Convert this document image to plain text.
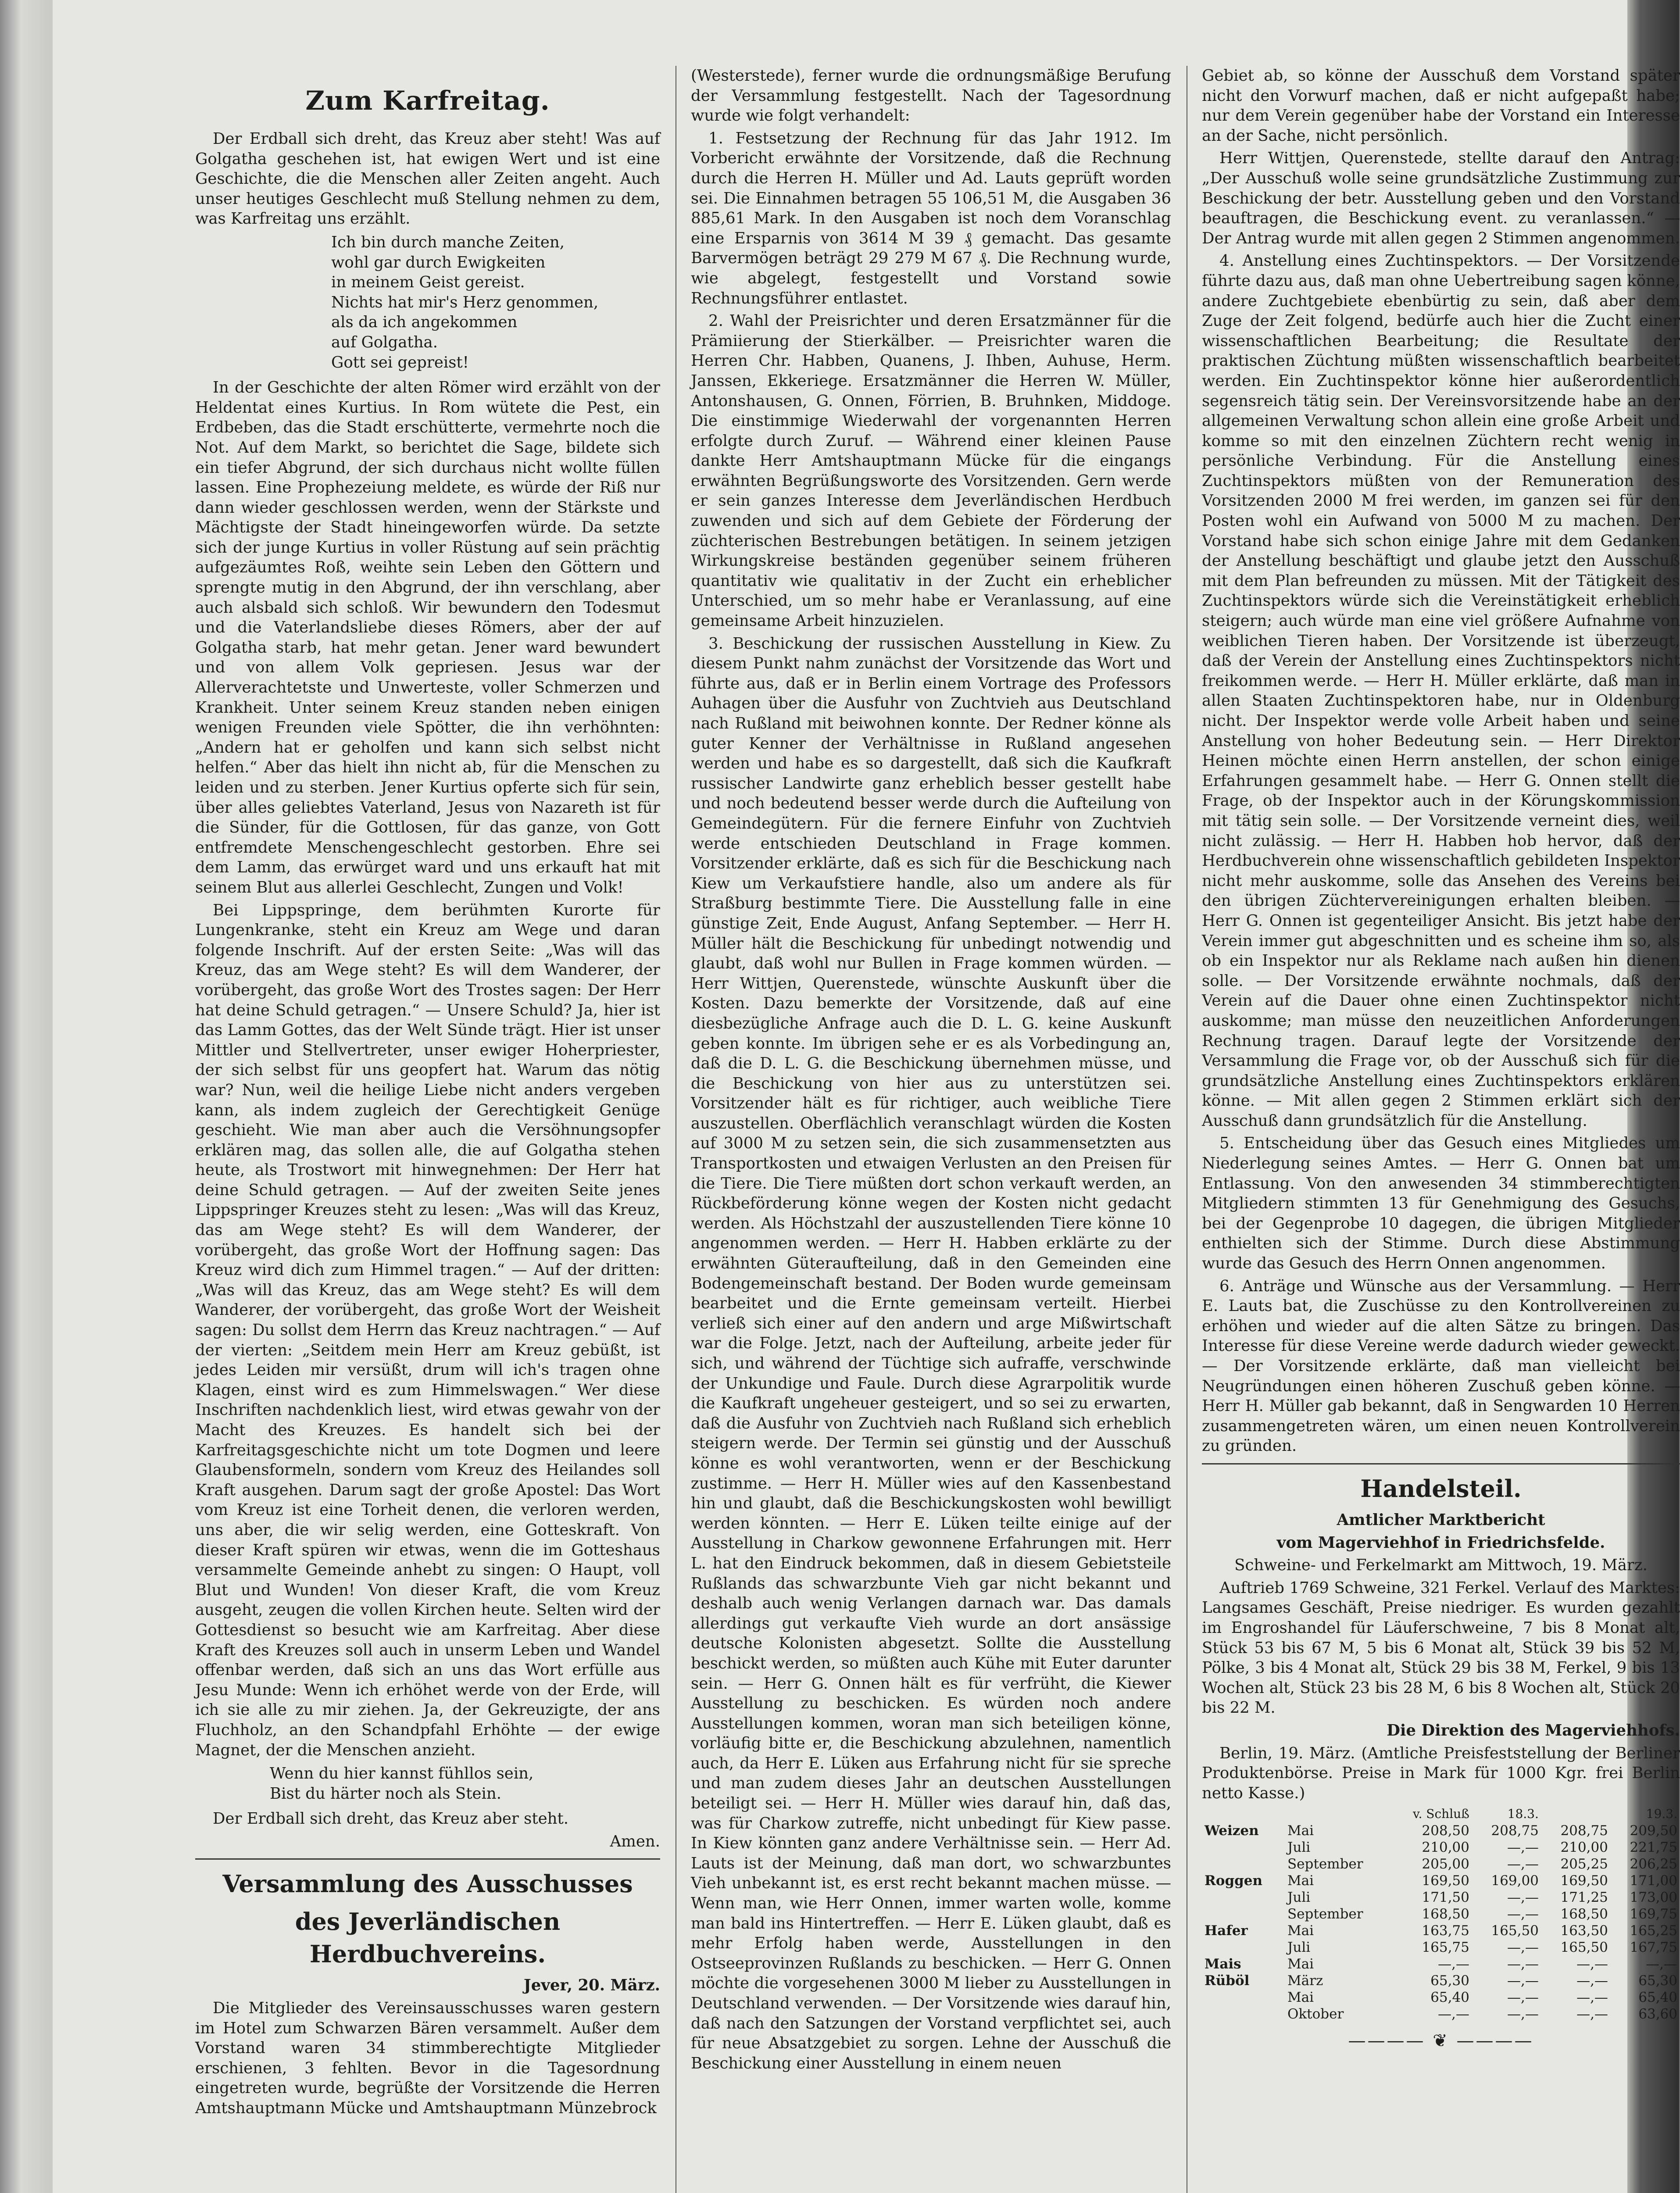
Zum Karfreitag.

Der Erdball sich dreht, das Kreuz aber steht! Was auf Golgatha geschehen ist, hat ewigen Wert und ist eine Geschichte, die die Menschen aller Zeiten angeht. Auch unser heutiges Geschlecht muß Stellung nehmen zu dem, was Karfreitag uns erzählt.

Ich bin durch manche Zeiten,
wohl gar durch Ewigkeiten
in meinem Geist gereist.
Nichts hat mir's Herz genommen,
als da ich angekommen
auf Golgatha.
Gott sei gepreist!

In der Geschichte der alten Römer wird erzählt von der Heldentat eines Kurtius. In Rom wütete die Pest, ein Erdbeben, das die Stadt erschütterte, vermehrte noch die Not. Auf dem Markt, so berichtet die Sage, bildete sich ein tiefer Abgrund, der sich durchaus nicht wollte füllen lassen. Eine Prophezeiung meldete, es würde der Riß nur dann wieder geschlossen werden, wenn der Stärkste und Mächtigste der Stadt hineingeworfen würde. Da setzte sich der junge Kurtius in voller Rüstung auf sein prächtig aufgezäumtes Roß, weihte sein Leben den Göttern und sprengte mutig in den Abgrund, der ihn verschlang, aber auch alsbald sich schloß. Wir bewundern den Todesmut und die Vaterlandsliebe dieses Römers, aber der auf Golgatha starb, hat mehr getan. Jener ward bewundert und von allem Volk gepriesen. Jesus war der Allerverachtetste und Unwerteste, voller Schmerzen und Krankheit. Unter seinem Kreuz standen neben einigen wenigen Freunden viele Spötter, die ihn verhöhnten: „Andern hat er geholfen und kann sich selbst nicht helfen.“ Aber das hielt ihn nicht ab, für die Menschen zu leiden und zu sterben. Jener Kurtius opferte sich für sein, über alles geliebtes Vaterland, Jesus von Nazareth ist für die Sünder, für die Gottlosen, für das ganze, von Gott entfremdete Menschengeschlecht gestorben. Ehre sei dem Lamm, das erwürget ward und uns erkauft hat mit seinem Blut aus allerlei Geschlecht, Zungen und Volk!

Bei Lippspringe, dem berühmten Kurorte für Lungenkranke, steht ein Kreuz am Wege und daran folgende Inschrift. Auf der ersten Seite: „Was will das Kreuz, das am Wege steht? Es will dem Wanderer, der vorübergeht, das große Wort des Trostes sagen: Der Herr hat deine Schuld getragen.“ — Unsere Schuld? Ja, hier ist das Lamm Gottes, das der Welt Sünde trägt. Hier ist unser Mittler und Stellvertreter, unser ewiger Hoherpriester, der sich selbst für uns geopfert hat. Warum das nötig war? Nun, weil die heilige Liebe nicht anders vergeben kann, als indem zugleich der Gerechtigkeit Genüge geschieht. Wie man aber auch die Versöhnungsopfer erklären mag, das sollen alle, die auf Golgatha stehen heute, als Trostwort mit hinwegnehmen: Der Herr hat deine Schuld getragen. — Auf der zweiten Seite jenes Lippspringer Kreuzes steht zu lesen: „Was will das Kreuz, das am Wege steht? Es will dem Wanderer, der vorübergeht, das große Wort der Hoffnung sagen: Das Kreuz wird dich zum Himmel tragen.“ — Auf der dritten: „Was will das Kreuz, das am Wege steht? Es will dem Wanderer, der vorübergeht, das große Wort der Weisheit sagen: Du sollst dem Herrn das Kreuz nachtragen.“ — Auf der vierten: „Seitdem mein Herr am Kreuz gebüßt, ist jedes Leiden mir versüßt, drum will ich's tragen ohne Klagen, einst wird es zum Himmelswagen.“ Wer diese Inschriften nachdenklich liest, wird etwas gewahr von der Macht des Kreuzes. Es handelt sich bei der Karfreitagsgeschichte nicht um tote Dogmen und leere Glaubensformeln, sondern vom Kreuz des Heilandes soll Kraft ausgehen. Darum sagt der große Apostel: Das Wort vom Kreuz ist eine Torheit denen, die verloren werden, uns aber, die wir selig werden, eine Gotteskraft. Von dieser Kraft spüren wir etwas, wenn die im Gotteshaus versammelte Gemeinde anhebt zu singen: O Haupt, voll Blut und Wunden! Von dieser Kraft, die vom Kreuz ausgeht, zeugen die vollen Kirchen heute. Selten wird der Gottesdienst so besucht wie am Karfreitag. Aber diese Kraft des Kreuzes soll auch in unserm Leben und Wandel offenbar werden, daß sich an uns das Wort erfülle aus Jesu Munde: Wenn ich erhöhet werde von der Erde, will ich sie alle zu mir ziehen. Ja, der Gekreuzigte, der ans Fluchholz, an den Schandpfahl Erhöhte — der ewige Magnet, der die Menschen anzieht.

Wenn du hier kannst fühllos sein,
Bist du härter noch als Stein.

Der Erdball sich dreht, das Kreuz aber steht.

Amen.

Versammlung des Ausschusses
des Jeverländischen Herdbuchvereins.

Jever, 20. März.

Die Mitglieder des Vereinsausschusses waren gestern im Hotel zum Schwarzen Bären versammelt. Außer dem Vorstand waren 34 stimmberechtigte Mitglieder erschienen, 3 fehlten. Bevor in die Tagesordnung eingetreten wurde, begrüßte der Vorsitzende die Herren Amtshauptmann Mücke und Amtshauptmann Münzebrock

(Westerstede), ferner wurde die ordnungsmäßige Berufung der Versammlung festgestellt. Nach der Tagesordnung wurde wie folgt verhandelt:

1. Festsetzung der Rechnung für das Jahr 1912. Im Vorbericht erwähnte der Vorsitzende, daß die Rechnung durch die Herren H. Müller und Ad. Lauts geprüft worden sei. Die Einnahmen betragen 55 106,51 M, die Ausgaben 36 885,61 Mark. In den Ausgaben ist noch dem Voranschlag eine Ersparnis von 3614 M 39 ₰ gemacht. Das gesamte Barvermögen beträgt 29 279 M 67 ₰. Die Rechnung wurde, wie abgelegt, festgestellt und Vorstand sowie Rechnungsführer entlastet.

2. Wahl der Preisrichter und deren Ersatzmänner für die Prämiierung der Stierkälber. — Preisrichter waren die Herren Chr. Habben, Quanens, J. Ihben, Auhuse, Herm. Janssen, Ekkeriege. Ersatzmänner die Herren W. Müller, Antonshausen, G. Onnen, Förrien, B. Bruhnken, Middoge. Die einstimmige Wiederwahl der vorgenannten Herren erfolgte durch Zuruf. — Während einer kleinen Pause dankte Herr Amtshauptmann Mücke für die eingangs erwähnten Begrüßungsworte des Vorsitzenden. Gern werde er sein ganzes Interesse dem Jeverländischen Herdbuch zuwenden und sich auf dem Gebiete der Förderung der züchterischen Bestrebungen betätigen. In seinem jetzigen Wirkungskreise beständen gegenüber seinem früheren quantitativ wie qualitativ in der Zucht ein erheblicher Unterschied, um so mehr habe er Veranlassung, auf eine gemeinsame Arbeit hinzuzielen.

3. Beschickung der russischen Ausstellung in Kiew. Zu diesem Punkt nahm zunächst der Vorsitzende das Wort und führte aus, daß er in Berlin einem Vortrage des Professors Auhagen über die Ausfuhr von Zuchtvieh aus Deutschland nach Rußland mit beiwohnen konnte. Der Redner könne als guter Kenner der Verhältnisse in Rußland angesehen werden und habe es so dargestellt, daß sich die Kaufkraft russischer Landwirte ganz erheblich besser gestellt habe und noch bedeutend besser werde durch die Aufteilung von Gemeindegütern. Für die fernere Einfuhr von Zuchtvieh werde entschieden Deutschland in Frage kommen. Vorsitzender erklärte, daß es sich für die Beschickung nach Kiew um Verkaufstiere handle, also um andere als für Straßburg bestimmte Tiere. Die Ausstellung falle in eine günstige Zeit, Ende August, Anfang September. — Herr H. Müller hält die Beschickung für unbedingt notwendig und glaubt, daß wohl nur Bullen in Frage kommen würden. — Herr Wittjen, Querenstede, wünschte Auskunft über die Kosten. Dazu bemerkte der Vorsitzende, daß auf eine diesbezügliche Anfrage auch die D. L. G. keine Auskunft geben konnte. Im übrigen sehe er es als Vorbedingung an, daß die D. L. G. die Beschickung übernehmen müsse, und die Beschickung von hier aus zu unterstützen sei. Vorsitzender hält es für richtiger, auch weibliche Tiere auszustellen. Oberflächlich veranschlagt würden die Kosten auf 3000 M zu setzen sein, die sich zusammensetzten aus Transportkosten und etwaigen Verlusten an den Preisen für die Tiere. Die Tiere müßten dort schon verkauft werden, an Rückbeförderung könne wegen der Kosten nicht gedacht werden. Als Höchstzahl der auszustellenden Tiere könne 10 angenommen werden. — Herr H. Habben erklärte zu der erwähnten Güteraufteilung, daß in den Gemeinden eine Bodengemeinschaft bestand. Der Boden wurde gemeinsam bearbeitet und die Ernte gemeinsam verteilt. Hierbei verließ sich einer auf den andern und arge Mißwirtschaft war die Folge. Jetzt, nach der Aufteilung, arbeite jeder für sich, und während der Tüchtige sich aufraffe, verschwinde der Unkundige und Faule. Durch diese Agrarpolitik wurde die Kaufkraft ungeheuer gesteigert, und so sei zu erwarten, daß die Ausfuhr von Zuchtvieh nach Rußland sich erheblich steigern werde. Der Termin sei günstig und der Ausschuß könne es wohl verantworten, wenn er der Beschickung zustimme. — Herr H. Müller wies auf den Kassenbestand hin und glaubt, daß die Beschickungskosten wohl bewilligt werden könnten. — Herr E. Lüken teilte einige auf der Ausstellung in Charkow gewonnene Erfahrungen mit. Herr L. hat den Eindruck bekommen, daß in diesem Gebietsteile Rußlands das schwarzbunte Vieh gar nicht bekannt und deshalb auch wenig Verlangen darnach war. Das damals allerdings gut verkaufte Vieh wurde an dort ansässige deutsche Kolonisten abgesetzt. Sollte die Ausstellung beschickt werden, so müßten auch Kühe mit Euter darunter sein. — Herr G. Onnen hält es für verfrüht, die Kiewer Ausstellung zu beschicken. Es würden noch andere Ausstellungen kommen, woran man sich beteiligen könne, vorläufig bitte er, die Beschickung abzulehnen, namentlich auch, da Herr E. Lüken aus Erfahrung nicht für sie spreche und man zudem dieses Jahr an deutschen Ausstellungen beteiligt sei. — Herr H. Müller wies darauf hin, daß das, was für Charkow zutreffe, nicht unbedingt für Kiew passe. In Kiew könnten ganz andere Verhältnisse sein. — Herr Ad. Lauts ist der Meinung, daß man dort, wo schwarzbuntes Vieh unbekannt ist, es erst recht bekannt machen müsse. — Wenn man, wie Herr Onnen, immer warten wolle, komme man bald ins Hintertreffen. — Herr E. Lüken glaubt, daß es mehr Erfolg haben werde, Ausstellungen in den Ostseeprovinzen Rußlands zu beschicken. — Herr G. Onnen möchte die vorgesehenen 3000 M lieber zu Ausstellungen in Deutschland verwenden. — Der Vorsitzende wies darauf hin, daß nach den Satzungen der Vorstand verpflichtet sei, auch für neue Absatzgebiet zu sorgen. Lehne der Ausschuß die Beschickung einer Ausstellung in einem neuen

Gebiet ab, so könne der Ausschuß dem Vorstand später nicht den Vorwurf machen, daß er nicht aufgepaßt habe; nur dem Verein gegenüber habe der Vorstand ein Interesse an der Sache, nicht persönlich.

Herr Wittjen, Querenstede, stellte darauf den Antrag: „Der Ausschuß wolle seine grundsätzliche Zustimmung zur Beschickung der betr. Ausstellung geben und den Vorstand beauftragen, die Beschickung event. zu veranlassen.“ — Der Antrag wurde mit allen gegen 2 Stimmen angenommen.

4. Anstellung eines Zuchtinspektors. — Der Vorsitzende führte dazu aus, daß man ohne Uebertreibung sagen könne, andere Zuchtgebiete ebenbürtig zu sein, daß aber dem Zuge der Zeit folgend, bedürfe auch hier die Zucht einer wissenschaftlichen Bearbeitung; die Resultate der praktischen Züchtung müßten wissenschaftlich bearbeitet werden. Ein Zuchtinspektor könne hier außerordentlich segensreich tätig sein. Der Vereinsvorsitzende habe an der allgemeinen Verwaltung schon allein eine große Arbeit und komme so mit den einzelnen Züchtern recht wenig in persönliche Verbindung. Für die Anstellung eines Zuchtinspektors müßten von der Remuneration des Vorsitzenden 2000 M frei werden, im ganzen sei für den Posten wohl ein Aufwand von 5000 M zu machen. Der Vorstand habe sich schon einige Jahre mit dem Gedanken der Anstellung beschäftigt und glaube jetzt den Ausschuß mit dem Plan befreunden zu müssen. Mit der Tätigkeit des Zuchtinspektors würde sich die Vereinstätigkeit erheblich steigern; auch würde man eine viel größere Aufnahme von weiblichen Tieren haben. Der Vorsitzende ist überzeugt, daß der Verein der Anstellung eines Zuchtinspektors nicht freikommen werde. — Herr H. Müller erklärte, daß man in allen Staaten Zuchtinspektoren habe, nur in Oldenburg nicht. Der Inspektor werde volle Arbeit haben und seine Anstellung von hoher Bedeutung sein. — Herr Direktor Heinen möchte einen Herrn anstellen, der schon einige Erfahrungen gesammelt habe. — Herr G. Onnen stellt die Frage, ob der Inspektor auch in der Körungskommission mit tätig sein solle. — Der Vorsitzende verneint dies, weil nicht zulässig. — Herr H. Habben hob hervor, daß der Herdbuchverein ohne wissenschaftlich gebildeten Inspektor nicht mehr auskomme, solle das Ansehen des Vereins bei den übrigen Züchtervereinigungen erhalten bleiben. — Herr G. Onnen ist gegenteiliger Ansicht. Bis jetzt habe der Verein immer gut abgeschnitten und es scheine ihm so, als ob ein Inspektor nur als Reklame nach außen hin dienen solle. — Der Vorsitzende erwähnte nochmals, daß der Verein auf die Dauer ohne einen Zuchtinspektor nicht auskomme; man müsse den neuzeitlichen Anforderungen Rechnung tragen. Darauf legte der Vorsitzende der Versammlung die Frage vor, ob der Ausschuß sich für die grundsätzliche Anstellung eines Zuchtinspektors erklären könne. — Mit allen gegen 2 Stimmen erklärt sich der Ausschuß dann grundsätzlich für die Anstellung.

5. Entscheidung über das Gesuch eines Mitgliedes um Niederlegung seines Amtes. — Herr G. Onnen bat um Entlassung. Von den anwesenden 34 stimmberechtigten Mitgliedern stimmten 13 für Genehmigung des Gesuchs, bei der Gegenprobe 10 dagegen, die übrigen Mitglieder enthielten sich der Stimme. Durch diese Abstimmung wurde das Gesuch des Herrn Onnen angenommen.

6. Anträge und Wünsche aus der Versammlung. — Herr E. Lauts bat, die Zuschüsse zu den Kontrollvereinen zu erhöhen und wieder auf die alten Sätze zu bringen. Das Interesse für diese Vereine werde dadurch wieder geweckt. — Der Vorsitzende erklärte, daß man vielleicht bei Neugründungen einen höheren Zuschuß geben könne. — Herr H. Müller gab bekannt, daß in Sengwarden 10 Herren zusammengetreten wären, um einen neuen Kontrollverein zu gründen.

Handelsteil.
Amtlicher Marktbericht
vom Magerviehhof in Friedrichsfelde.

Schweine- und Ferkelmarkt am Mittwoch, 19. März.

Auftrieb 1769 Schweine, 321 Ferkel. Verlauf des Marktes: Langsames Geschäft, Preise niedriger. Es wurden gezahlt im Engroshandel für Läuferschweine, 7 bis 8 Monat alt, Stück 53 bis 67 M, 5 bis 6 Monat alt, Stück 39 bis 52 M, Pölke, 3 bis 4 Monat alt, Stück 29 bis 38 M, Ferkel, 9 bis 13 Wochen alt, Stück 23 bis 28 M, 6 bis 8 Wochen alt, Stück 20 bis 22 M.

Die Direktion des Magerviehhofs.

Berlin, 19. März. (Amtliche Preisfeststellung der Berliner Produktenbörse. Preise in Mark für 1000 Kgr. frei Berlin netto Kasse.)

		v. Schluß	18.3.		19.3.
Weizen	Mai	208,50	208,75	208,75	209,50
	Juli	210,00	—,—	210,00	221,75
	September	205,00	—,—	205,25	206,25
Roggen	Mai	169,50	169,00	169,50	171,00
	Juli	171,50	—,—	171,25	173,00
	September	168,50	—,—	168,50	169,75
Hafer	Mai	163,75	165,50	163,50	165,25
	Juli	165,75	—,—	165,50	167,75
Mais	Mai	—,—	—,—	—,—	—,—
Rüböl	März	65,30	—,—	—,—	65,30
	Mai	65,40	—,—	—,—	65,40
	Oktober	—,—	—,—	—,—	63,60
———— ❦ ————
